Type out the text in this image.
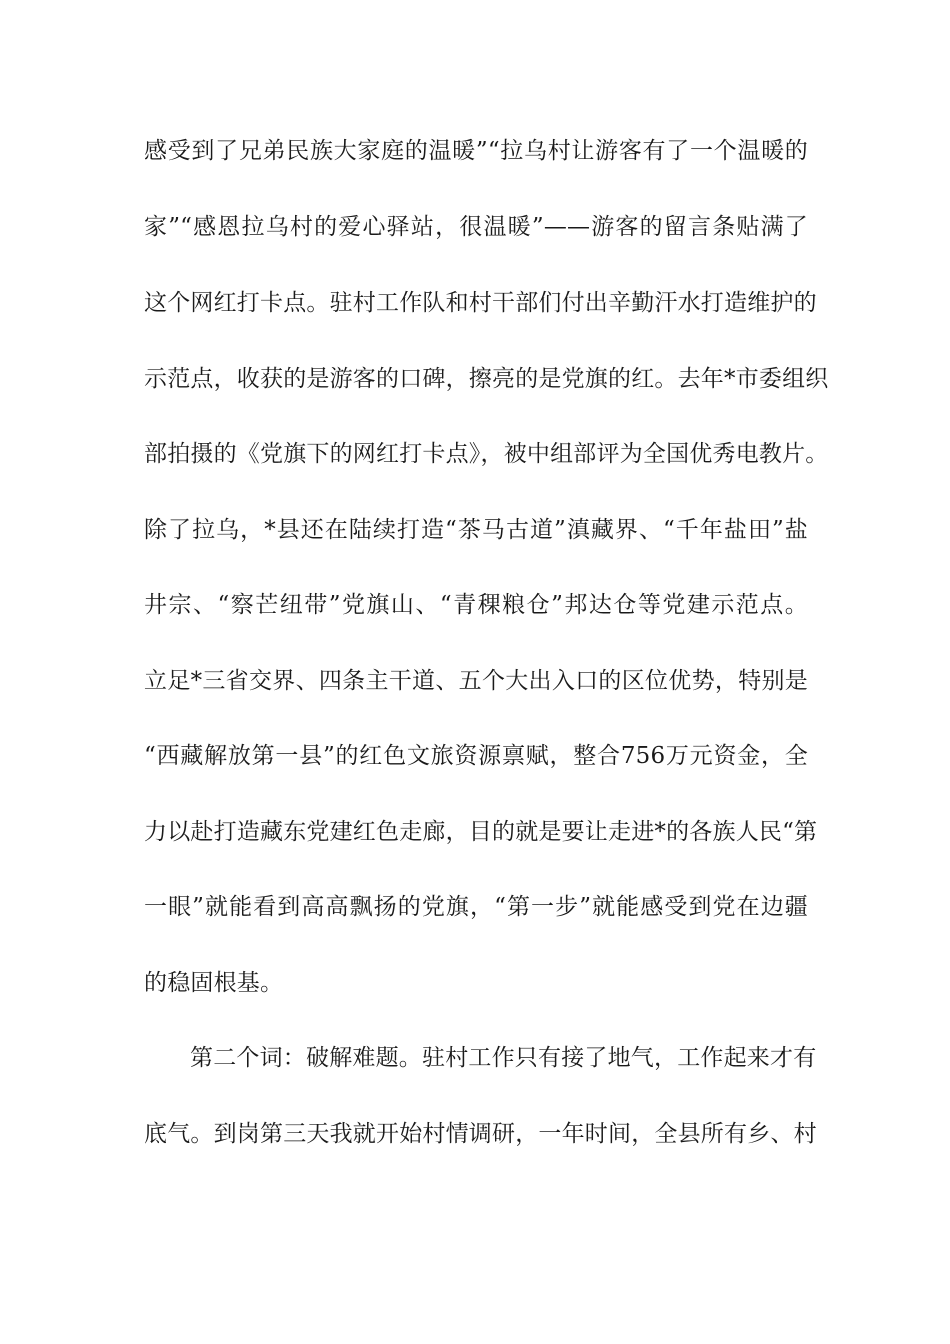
感受到了兄弟民族大家庭的温暖”“拉乌村让游客有了一个温暖的
家”“感恩拉乌村的爱心驿站，很温暖”——游客的留言条贴满了
这个网红打卡点。驻村工作队和村干部们付出辛勤汗水打造维护的
示范点，收获的是游客的口碑，擦亮的是党旗的红。去年*市委组织
部拍摄的《党旗下的网红打卡点》，被中组部评为全国优秀电教片。
除了拉乌，*县还在陆续打造“茶马古道”滇藏界、“千年盐田”盐
井宗、“察芒纽带”党旗山、“青稞粮仓”邦达仓等党建示范点。
立足*三省交界、四条主干道、五个大出入口的区位优势，特别是
“西藏解放第一县”的红色文旅资源禀赋，整合756万元资金，全
力以赴打造藏东党建红色走廊，目的就是要让走进*的各族人民“第
一眼”就能看到高高飘扬的党旗，“第一步”就能感受到党在边疆
的稳固根基。
第二个词：破解难题。驻村工作只有接了地气，工作起来才有
底气。到岗第三天我就开始村情调研，一年时间，全县所有乡、村
